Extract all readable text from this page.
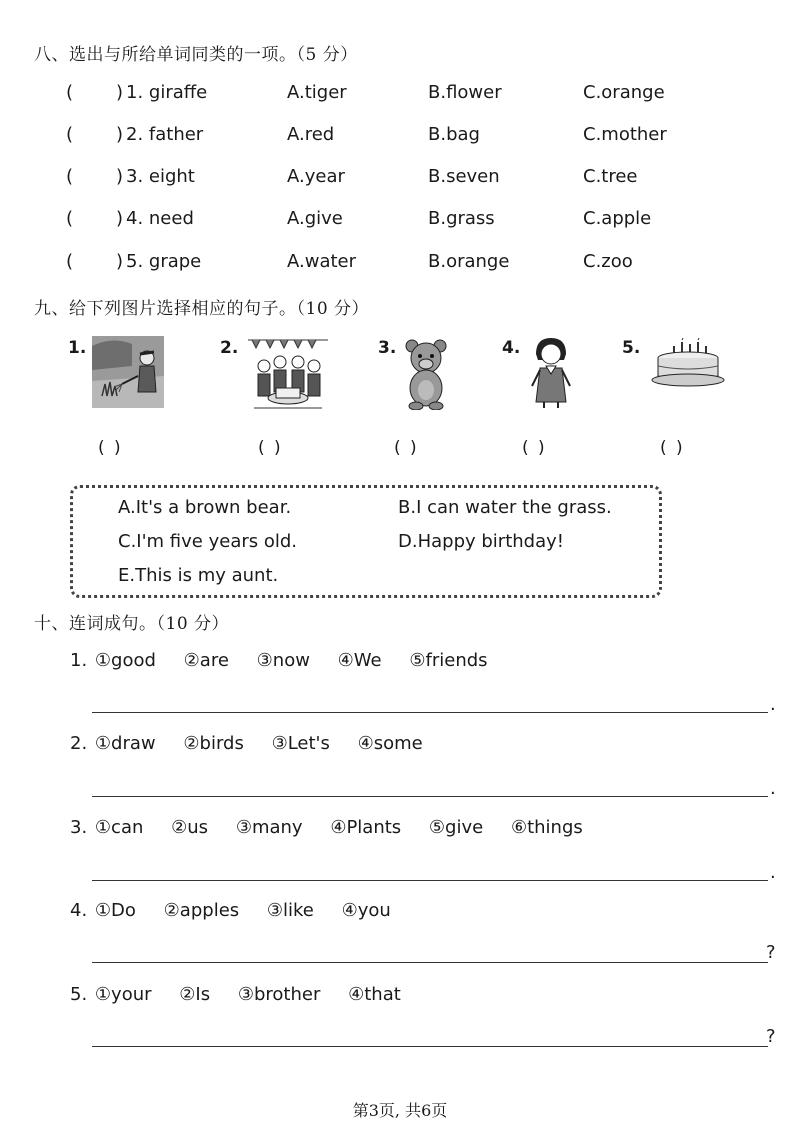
八、选出与所给单词同类的一项。（5 分）
( ) 1. giraffe	A.tiger	B.flower	C.orange
( ) 2. father	A.red	B.bag	C.mother
( ) 3. eight	A.year	B.seven	C.tree
( ) 4. need	A.give	B.grass	C.apple
( ) 5. grape	A.water	B.orange	C.zoo
九、给下列图片选择相应的句子。（10 分）
1.
( )
2.
( )
3.
( )
4.
( )
5.
( )
A.It's a brown bear.	B.I can water the grass.
C.I'm five years old.	D.Happy birthday!
E.This is my aunt.
十、连词成句。（10 分）
1. ①good ②are ③now ④We ⑤friends
.
2. ①draw ②birds ③Let's ④some
.
3. ①can ②us ③many ④Plants ⑤give ⑥things
.
4. ①Do ②apples ③like ④you
?
5. ①your ②Is ③brother ④that
?
第3页, 共6页
